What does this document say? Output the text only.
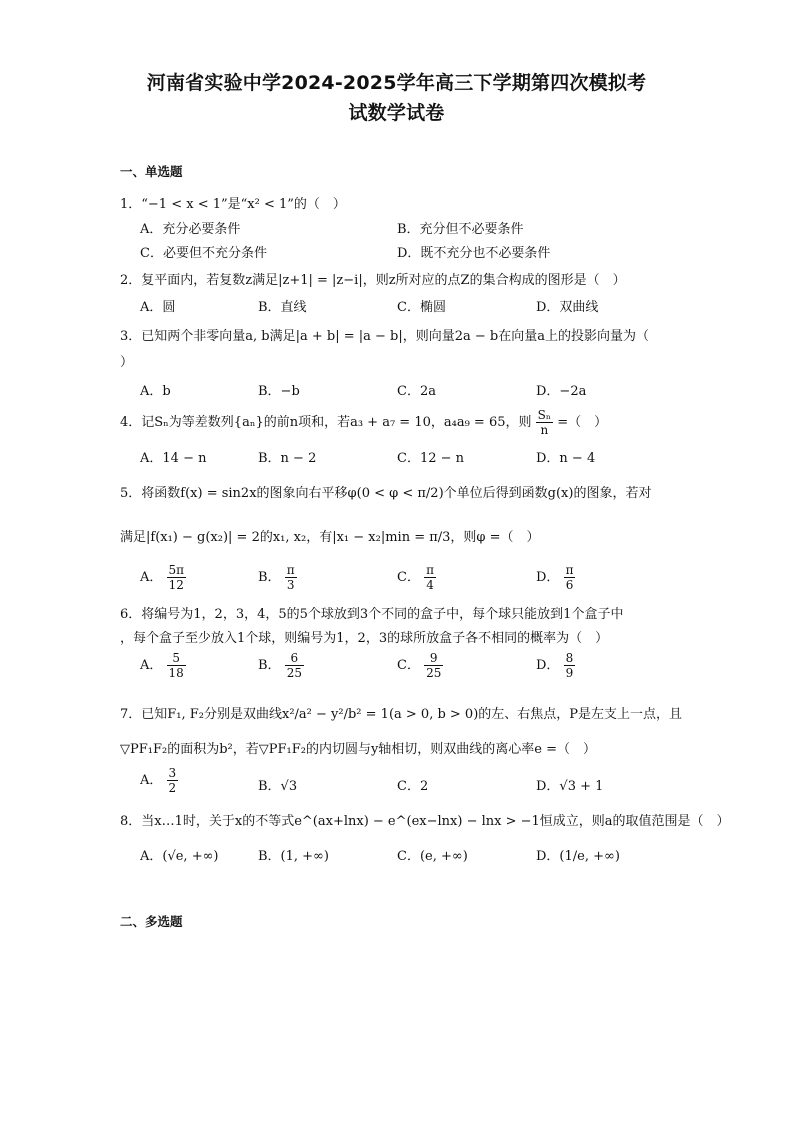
河南省实验中学2024-2025学年高三下学期第四次模拟考
试数学试卷
一、单选题
1．“−1 < x < 1”是“x² < 1”的（　）
A．充分必要条件	B．充分但不必要条件
C．必要但不充分条件	D．既不充分也不必要条件
2．复平面内，若复数z满足|z+1| = |z−i|，则z所对应的点Z的集合构成的图形是（　）
A．圆	B．直线	C．椭圆	D．双曲线
3．已知两个非零向量a, b满足|a + b| = |a − b|，则向量2a − b在向量a上的投影向量为（
）
A．b	B．−b	C．2a	D．−2a
4．记Sₙ为等差数列{aₙ}的前n项和，若a₃ + a₇ = 10，a₄a₉ = 65，则 $\frac{\text{Sₙ}}{n}$ =（　）
A．14 − n	B．n − 2	C．12 − n	D．n − 4
5．将函数f(x) = sin2x的图象向右平移φ(0 < φ < π/2)个单位后得到函数g(x)的图象，若对
满足|f(x₁) − g(x₂)| = 2的x₁, x₂，有|x₁ − x₂|min = π/3，则φ =（　）
A． $\frac{5\pi}{12}$	B． $\frac{\pi}{3}$	C． $\frac{\pi}{4}$	D． $\frac{\pi}{6}$
6．将编号为1，2，3，4，5的5个球放到3个不同的盒子中，每个球只能放到1个盒子中
，每个盒子至少放入1个球，则编号为1，2，3的球所放盒子各不相同的概率为（　）
A． $\frac{5}{18}$	B． $\frac{6}{25}$	C． $\frac{9}{25}$	D． $\frac{8}{9}$
7．已知F₁, F₂分别是双曲线x²/a² − y²/b² = 1(a > 0, b > 0)的左、右焦点，P是左支上一点，且
▽PF₁F₂的面积为b²，若▽PF₁F₂的内切圆与y轴相切，则双曲线的离心率e =（　）
A． $\frac{3}{2}$	B．√3	C．2	D．√3 + 1
8．当x…1时，关于x的不等式e^(ax+lnx) − e^(ex−lnx) − lnx > −1恒成立，则a的取值范围是（　）
A．(√e, +∞)	B．(1, +∞)	C．(e, +∞)	D．(1/e, +∞)
二、多选题
